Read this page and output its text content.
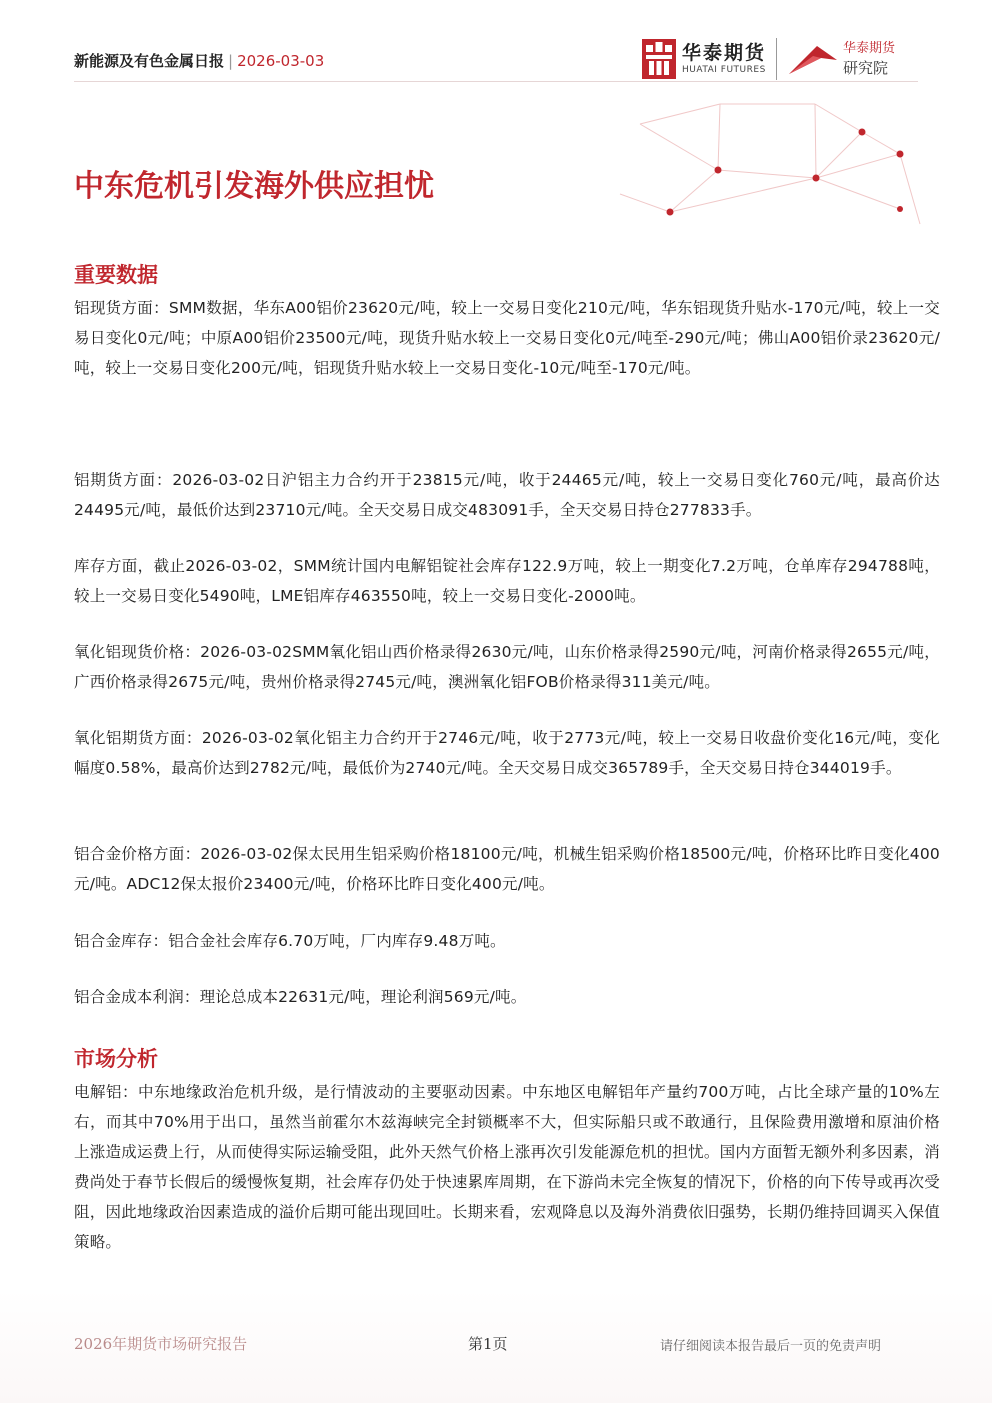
新能源及有色金属日报 | 2026-03-03	华泰期货
HUATAI FUTURES
华泰期货
研究院
中东危机引发海外供应担忧
重要数据

铝现货方面：SMM数据，华东A00铝价23620元/吨，较上一交易日变化210元/吨，华东铝现货升贴水-170元/吨，较上一交易日变化0元/吨；中原A00铝价23500元/吨，现货升贴水较上一交易日变化0元/吨至-290元/吨；佛山A00铝价录23620元/吨，较上一交易日变化200元/吨，铝现货升贴水较上一交易日变化-10元/吨至-170元/吨。

铝期货方面：2026-03-02日沪铝主力合约开于23815元/吨，收于24465元/吨，较上一交易日变化760元/吨，最高价达24495元/吨，最低价达到23710元/吨。全天交易日成交483091手，全天交易日持仓277833手。

库存方面，截止2026-03-02，SMM统计国内电解铝锭社会库存122.9万吨，较上一期变化7.2万吨，仓单库存294788吨，较上一交易日变化5490吨，LME铝库存463550吨，较上一交易日变化-2000吨。

氧化铝现货价格：2026-03-02SMM氧化铝山西价格录得2630元/吨，山东价格录得2590元/吨，河南价格录得2655元/吨，广西价格录得2675元/吨，贵州价格录得2745元/吨，澳洲氧化铝FOB价格录得311美元/吨。

氧化铝期货方面：2026-03-02氧化铝主力合约开于2746元/吨，收于2773元/吨，较上一交易日收盘价变化16元/吨，变化幅度0.58%，最高价达到2782元/吨，最低价为2740元/吨。全天交易日成交365789手，全天交易日持仓344019手。

铝合金价格方面：2026-03-02保太民用生铝采购价格18100元/吨，机械生铝采购价格18500元/吨，价格环比昨日变化400元/吨。ADC12保太报价23400元/吨，价格环比昨日变化400元/吨。

铝合金库存：铝合金社会库存6.70万吨，厂内库存9.48万吨。

铝合金成本利润：理论总成本22631元/吨，理论利润569元/吨。

市场分析

电解铝：中东地缘政治危机升级，是行情波动的主要驱动因素。中东地区电解铝年产量约700万吨，占比全球产量的10%左右，而其中70%用于出口，虽然当前霍尔木兹海峡完全封锁概率不大，但实际船只或不敢通行，且保险费用激增和原油价格上涨造成运费上行，从而使得实际运输受阻，此外天然气价格上涨再次引发能源危机的担忧。国内方面暂无额外利多因素，消费尚处于春节长假后的缓慢恢复期，社会库存仍处于快速累库周期，在下游尚未完全恢复的情况下，价格的向下传导或再次受阻，因此地缘政治因素造成的溢价后期可能出现回吐。长期来看，宏观降息以及海外消费依旧强势，长期仍维持回调买入保值策略。

2026年期货市场研究报告	第1页	请仔细阅读本报告最后一页的免责声明
